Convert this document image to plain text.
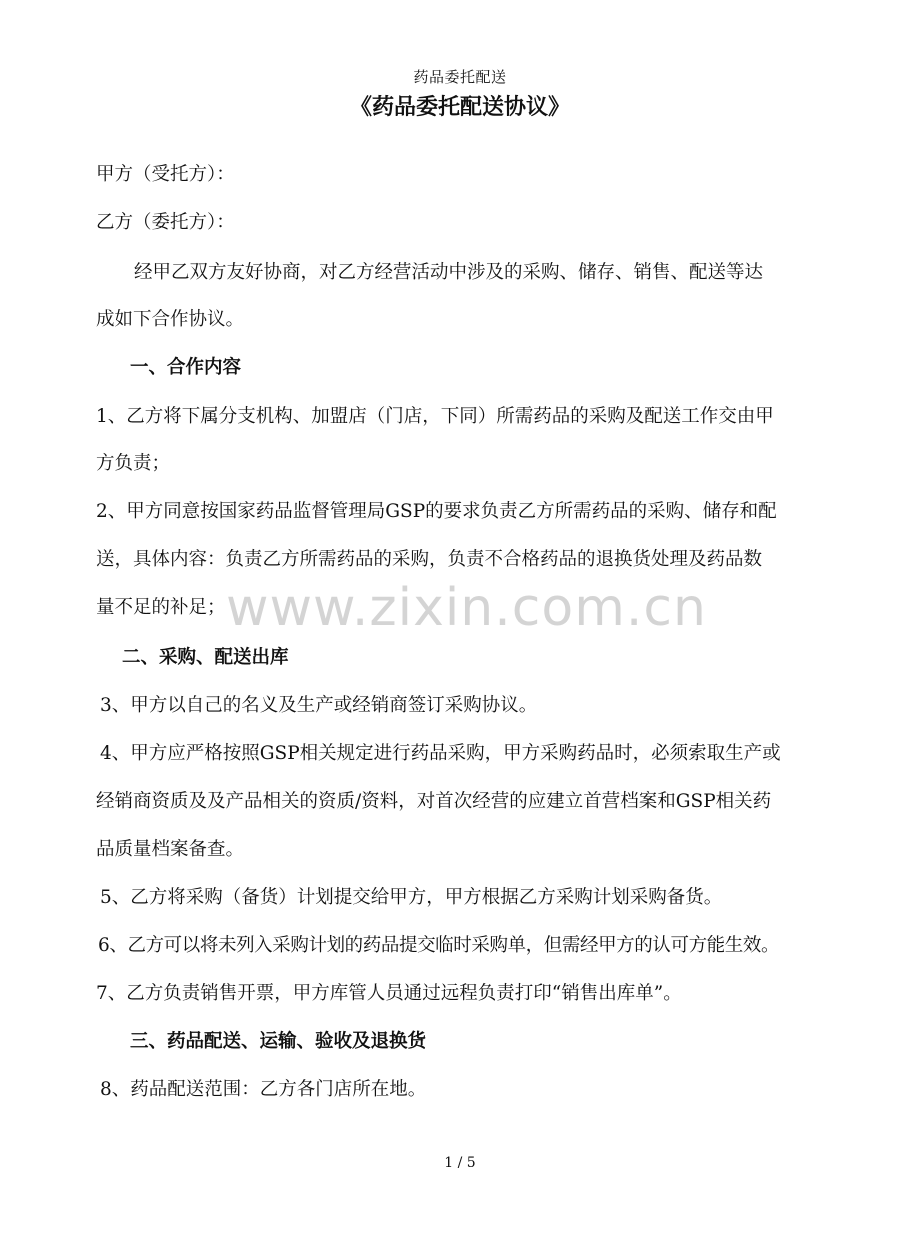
药品委托配送
《药品委托配送协议》
甲方（受托方）：
乙方（委托方）：
经甲乙双方友好协商，对乙方经营活动中涉及的采购、储存、销售、配送等达
成如下合作协议。
一、合作内容
1、乙方将下属分支机构、加盟店（门店，下同）所需药品的采购及配送工作交由甲
方负责；
2、甲方同意按国家药品监督管理局GSP的要求负责乙方所需药品的采购、储存和配
送，具体内容：负责乙方所需药品的采购，负责不合格药品的退换货处理及药品数
量不足的补足；
二、采购、配送出库
3、甲方以自己的名义及生产或经销商签订采购协议。
4、甲方应严格按照GSP相关规定进行药品采购，甲方采购药品时，必须索取生产或
经销商资质及及产品相关的资质/资料，对首次经营的应建立首营档案和GSP相关药
品质量档案备查。
5、乙方将采购（备货）计划提交给甲方，甲方根据乙方采购计划采购备货。
6、乙方可以将未列入采购计划的药品提交临时采购单，但需经甲方的认可方能生效。
7、乙方负责销售开票，甲方库管人员通过远程负责打印“销售出库单”。
三、药品配送、运输、验收及退换货
8、药品配送范围：乙方各门店所在地。
www.zixin.com.cn
1 / 5
